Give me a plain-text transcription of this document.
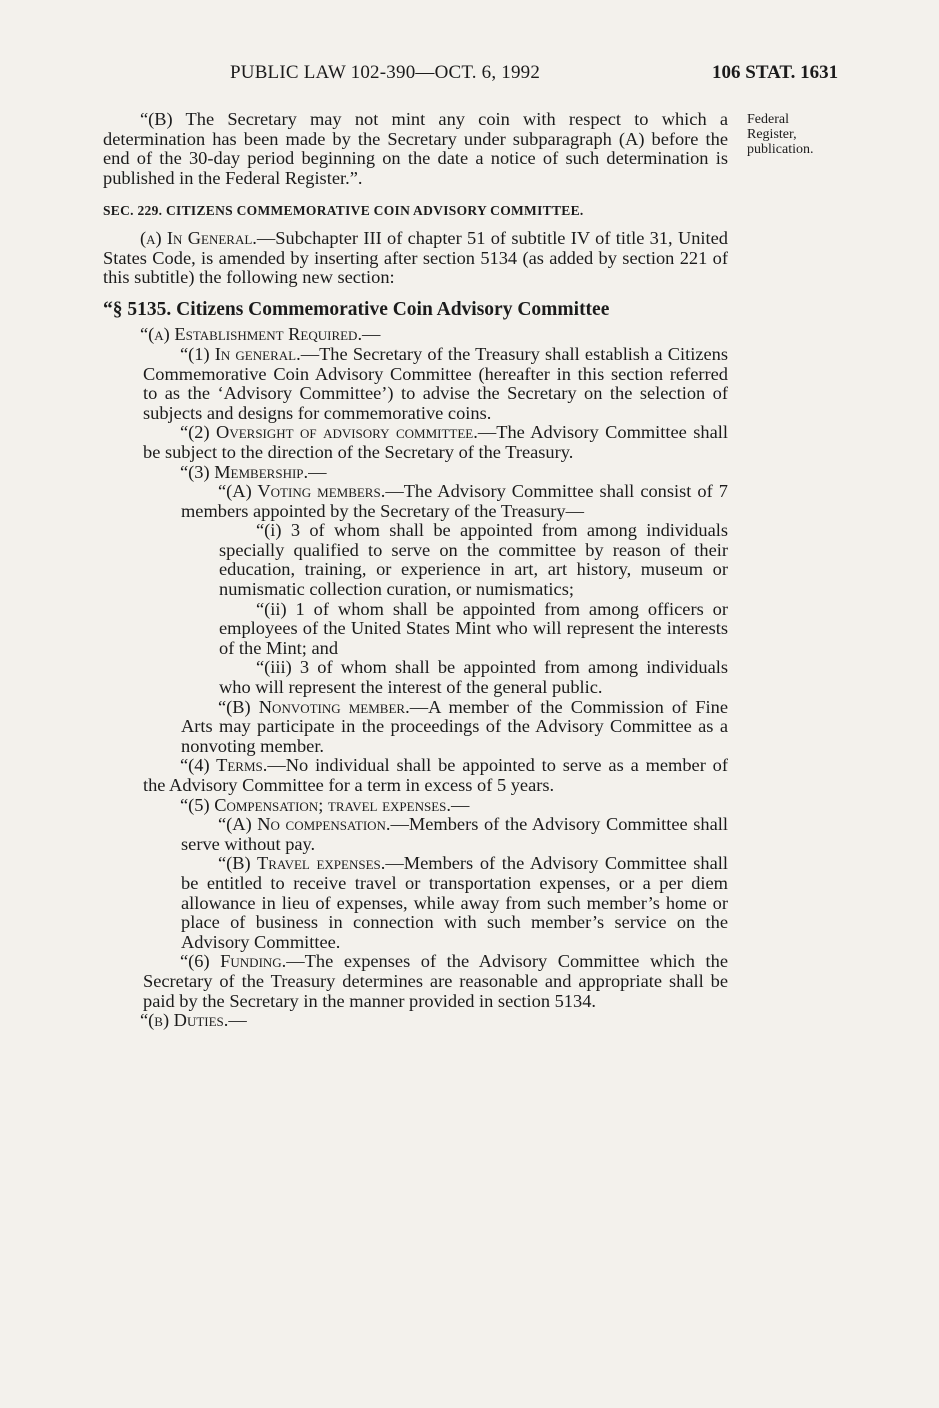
PUBLIC LAW 102-390—OCT. 6, 1992	106 STAT. 1631
Federal
Register,
publication.

“(B) The Secretary may not mint any coin with respect to which a determination has been made by the Secretary under subparagraph (A) before the end of the 30-day period beginning on the date a notice of such determination is published in the Federal Register.”.

SEC. 229. CITIZENS COMMEMORATIVE COIN ADVISORY COMMITTEE.

(a) In General.—Subchapter III of chapter 51 of subtitle IV of title 31, United States Code, is amended by inserting after section 5134 (as added by section 221 of this subtitle) the following new section:

“§ 5135. Citizens Commemorative Coin Advisory Committee

“(a) Establishment Required.—

“(1) In general.—The Secretary of the Treasury shall establish a Citizens Commemorative Coin Advisory Committee (hereafter in this section referred to as the ‘Advisory Committee’) to advise the Secretary on the selection of subjects and designs for commemorative coins.

“(2) Oversight of advisory committee.—The Advisory Committee shall be subject to the direction of the Secretary of the Treasury.

“(3) Membership.—

“(A) Voting members.—The Advisory Committee shall consist of 7 members appointed by the Secretary of the Treasury—

“(i) 3 of whom shall be appointed from among individuals specially qualified to serve on the committee by reason of their education, training, or experience in art, art history, museum or numismatic collection curation, or numismatics;

“(ii) 1 of whom shall be appointed from among officers or employees of the United States Mint who will represent the interests of the Mint; and

“(iii) 3 of whom shall be appointed from among individuals who will represent the interest of the general public.

“(B) Nonvoting member.—A member of the Commission of Fine Arts may participate in the proceedings of the Advisory Committee as a nonvoting member.

“(4) Terms.—No individual shall be appointed to serve as a member of the Advisory Committee for a term in excess of 5 years.

“(5) Compensation; travel expenses.—

“(A) No compensation.—Members of the Advisory Committee shall serve without pay.

“(B) Travel expenses.—Members of the Advisory Committee shall be entitled to receive travel or transportation expenses, or a per diem allowance in lieu of expenses, while away from such member’s home or place of business in connection with such member’s service on the Advisory Committee.

“(6) Funding.—The expenses of the Advisory Committee which the Secretary of the Treasury determines are reasonable and appropriate shall be paid by the Secretary in the manner provided in section 5134.

“(b) Duties.—
